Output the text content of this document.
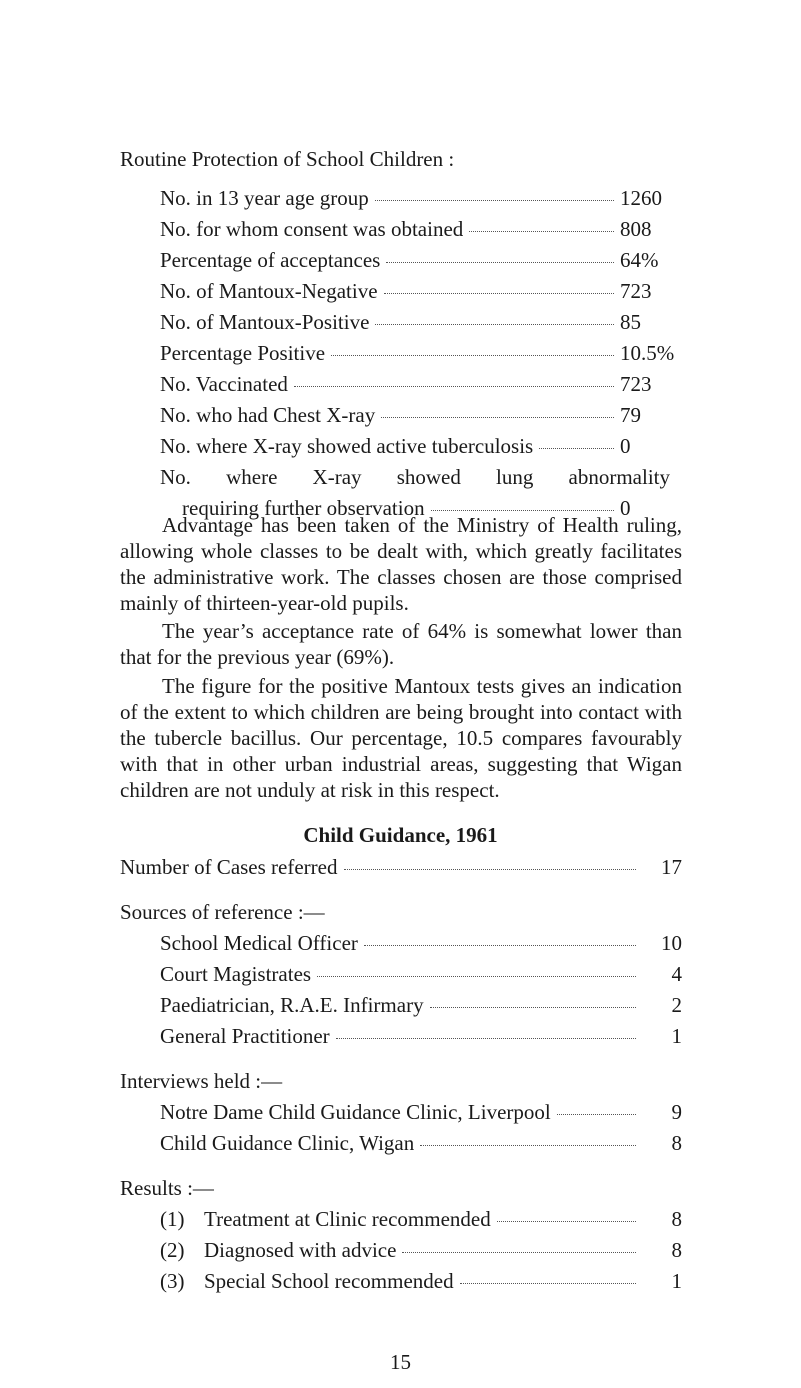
Routine Protection of School Children :
No. in 13 year age group	1260
No. for whom consent was obtained	808
Percentage of acceptances	64%
No. of Mantoux-Negative	723
No. of Mantoux-Positive	85
Percentage Positive	10.5%
No. Vaccinated	723
No. who had Chest X-ray	79
No. where X-ray showed active tuberculosis	0
No. where X-ray showed lung abnormality
requiring further observation	0

Advantage has been taken of the Ministry of Health ruling, allowing whole classes to be dealt with, which greatly facilitates the administrative work. The classes chosen are those comprised mainly of thirteen-year-old pupils.

The year’s acceptance rate of 64% is somewhat lower than that for the previous year (69%).

The figure for the positive Mantoux tests gives an indication of the extent to which children are being brought into contact with the tubercle bacillus. Our percentage, 10.5 compares favourably with that in other urban industrial areas, suggesting that Wigan children are not unduly at risk in this respect.

Child Guidance, 1961
Number of Cases referred	17
Sources of reference :—
School Medical Officer	10
Court Magistrates	4
Paediatrician, R.A.E. Infirmary	2
General Practitioner	1
Interviews held :—
Notre Dame Child Guidance Clinic, Liverpool	9
Child Guidance Clinic, Wigan	8
Results :—
(1) Treatment at Clinic recommended	8
(2) Diagnosed with advice	8
(3) Special School recommended	1

15
